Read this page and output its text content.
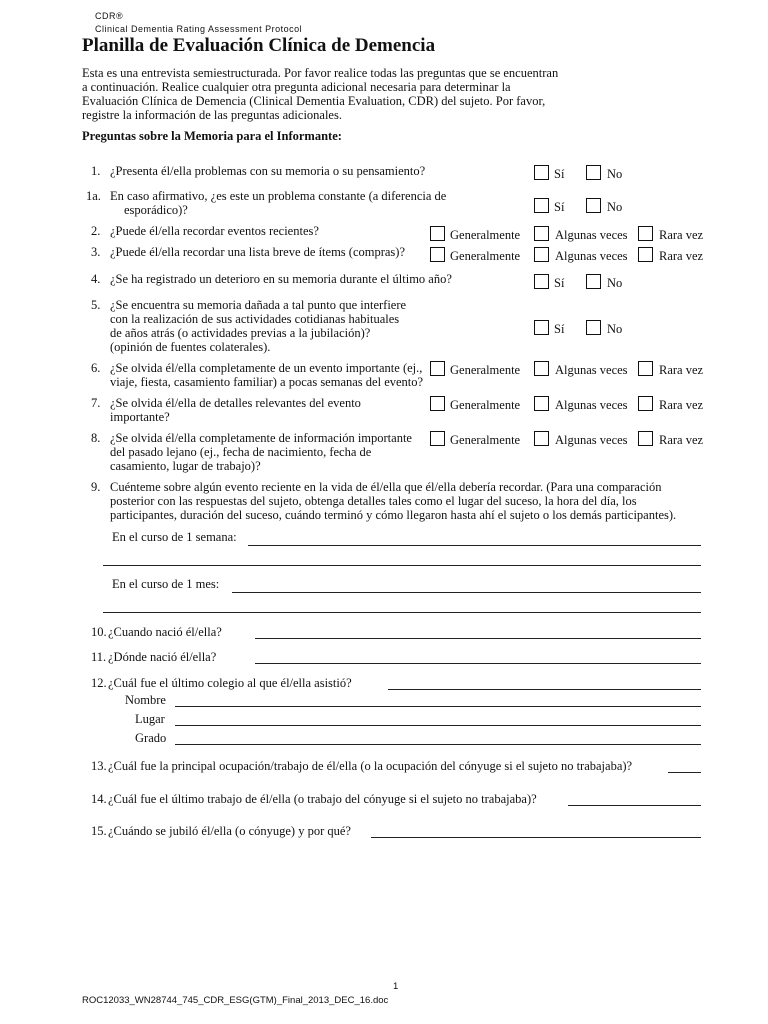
CDR®
Clinical Dementia Rating Assessment Protocol
Planilla de Evaluación Clínica de Demencia
Esta es una entrevista semiestructurada. Por favor realice todas las preguntas que se encuentran
a continuación. Realice cualquier otra pregunta adicional necesaria para determinar la
Evaluación Clínica de Demencia (Clinical Dementia Evaluation, CDR) del sujeto. Por favor,
registre la información de las preguntas adicionales.
Preguntas sobre la Memoria para el Informante:
1. ¿Presenta él/ella problemas con su memoria o su pensamiento?	Sí	No
1a. En caso afirmativo, ¿es este un problema constante (a diferencia de
esporádico)?	Sí	No
2. ¿Puede él/ella recordar eventos recientes?	Generalmente	Algunas veces	Rara vez
3. ¿Puede él/ella recordar una lista breve de ítems (compras)?	Generalmente	Algunas veces	Rara vez
4. ¿Se ha registrado un deterioro en su memoria durante el último año?	Sí	No
5. ¿Se encuentra su memoria dañada a tal punto que interfiere
con la realización de sus actividades cotidianas habituales
de años atrás (o actividades previas a la jubilación)?
(opinión de fuentes colaterales).
Sí	No
6. ¿Se olvida él/ella completamente de un evento importante (ej.,
viaje, fiesta, casamiento familiar) a pocas semanas del evento?
Generalmente	Algunas veces	Rara vez
7. ¿Se olvida él/ella de detalles relevantes del evento
importante?
Generalmente	Algunas veces	Rara vez
8. ¿Se olvida él/ella completamente de información importante
del pasado lejano (ej., fecha de nacimiento, fecha de
casamiento, lugar de trabajo)?
Generalmente	Algunas veces	Rara vez
9. Cuénteme sobre algún evento reciente en la vida de él/ella que él/ella debería recordar. (Para una comparación
posterior con las respuestas del sujeto, obtenga detalles tales como el lugar del suceso, la hora del día, los
participantes, duración del suceso, cuándo terminó y cómo llegaron hasta ahí el sujeto o los demás participantes).
En el curso de 1 semana:
En el curso de 1 mes:
10. ¿Cuando nació él/ella?
11. ¿Dónde nació él/ella?
12. ¿Cuál fue el último colegio al que él/ella asistió?
Nombre
Lugar
Grado
13. ¿Cuál fue la principal ocupación/trabajo de él/ella (o la ocupación del cónyuge si el sujeto no trabajaba)?
14. ¿Cuál fue el último trabajo de él/ella (o trabajo del cónyuge si el sujeto no trabajaba)?
15. ¿Cuándo se jubiló él/ella (o cónyuge) y por qué?
1
ROC12033_WN28744_745_CDR_ESG(GTM)_Final_2013_DEC_16.doc
